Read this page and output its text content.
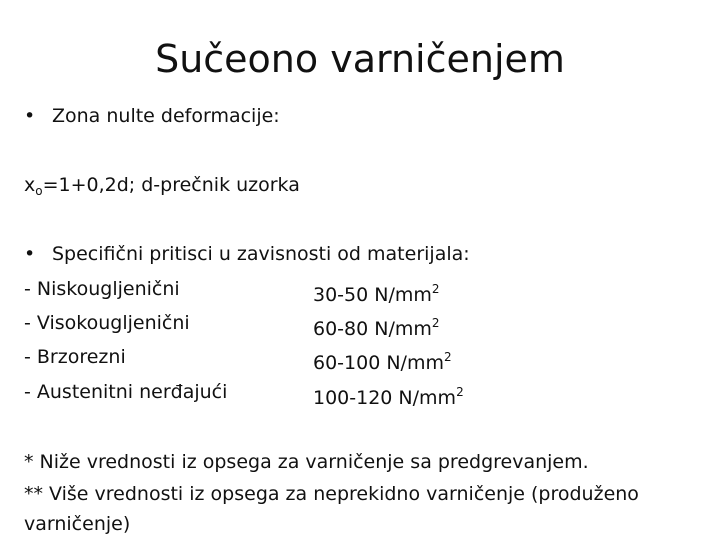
Sučeono varničenjem
• Zona nulte deformacije:
$x_o=1+0,2d$; d-prečnik uzorka
• Specifični pritisci u zavisnosti od materijala:
- Niskougljenični	30-50 $N/mm^2$
- Visokougljenični	60-80 $N/mm^2$
- Brzorezni	60-100 $N/mm^2$
- Austenitni nerđajući	100-120 $N/mm^2$
* Niže vrednosti iz opsega za varničenje sa predgrevanjem.
** Više vrednosti iz opsega za neprekidno varničenje (produženo varničenje)
